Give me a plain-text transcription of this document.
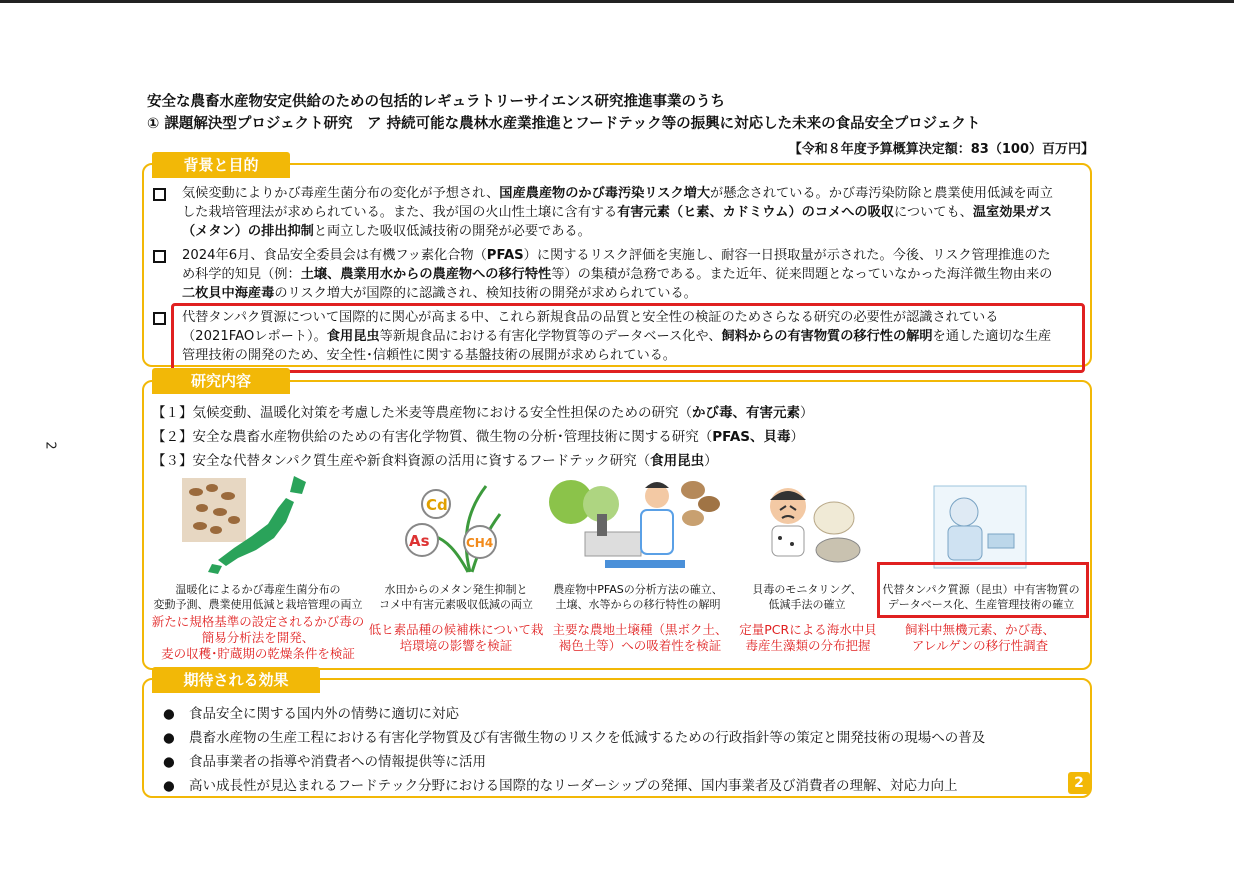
2
安全な農畜水産物安定供給のための包括的レギュラトリーサイエンス研究推進事業のうち
① 課題解決型プロジェクト研究　ア 持続可能な農林水産業推進とフードテック等の振興に対応した未来の食品安全プロジェクト
【令和８年度予算概算決定額：83（100）百万円】
背景と目的
気候変動によりかび毒産生菌分布の変化が予想され、国産農産物のかび毒汚染リスク増大が懸念されている。かび毒汚染防除と農業使用低減を両立した栽培管理法が求められている。また、我が国の火山性土壌に含有する有害元素（ヒ素、カドミウム）のコメへの吸収についても、温室効果ガス（メタン）の排出抑制と両立した吸収低減技術の開発が必要である。
2024年6月、食品安全委員会は有機フッ素化合物（PFAS）に関するリスク評価を実施し、耐容一日摂取量が示された。今後、リスク管理推進のため科学的知見（例：土壌、農業用水からの農産物への移行特性等）の集積が急務である。また近年、従来問題となっていなかった海洋微生物由来の二枚貝中海産毒のリスク増大が国際的に認識され、検知技術の開発が求められている。
代替タンパク質源について国際的に関心が高まる中、これら新規食品の品質と安全性の検証のためさらなる研究の必要性が認識されている（2021FAOレポート）。食用昆虫等新規食品における有害化学物質等のデータベース化や、飼料からの有害物質の移行性の解明を通した適切な生産管理技術の開発のため、安全性･信頼性に関する基盤技術の展開が求められている。
研究内容
【１】気候変動、温暖化対策を考慮した米麦等農産物における安全性担保のための研究（かび毒、有害元素）
【２】安全な農畜水産物供給のための有害化学物質、微生物の分析･管理技術に関する研究（PFAS、貝毒）
【３】安全な代替タンパク質生産や新食料資源の活用に資するフードテック研究（食用昆虫）
Cd
As	CH4
温暖化によるかび毒産生菌分布の
変動予測、農業使用低減と栽培管理の両立
水田からのメタン発生抑制と
コメ中有害元素吸収低減の両立
農産物中PFASの分析方法の確立、
土壌、水等からの移行特性の解明
貝毒のモニタリング、
低減手法の確立
代替タンパク質源（昆虫）中有害物質の
データベース化、生産管理技術の確立
新たに規格基準の設定されるかび毒の
簡易分析法を開発、
麦の収穫･貯蔵期の乾燥条件を検証
低ヒ素品種の候補株について栽
培環境の影響を検証
主要な農地土壌種（黒ボク土、
褐色土等）への吸着性を検証
定量PCRによる海水中貝
毒産生藻類の分布把握
飼料中無機元素、かび毒、
アレルゲンの移行性調査
期待される効果
● 食品安全に関する国内外の情勢に適切に対応
● 農畜水産物の生産工程における有害化学物質及び有害微生物のリスクを低減するための行政指針等の策定と開発技術の現場への普及
● 食品事業者の指導や消費者への情報提供等に活用
● 高い成長性が見込まれるフードテック分野における国際的なリーダーシップの発揮、国内事業者及び消費者の理解、対応力向上	2
